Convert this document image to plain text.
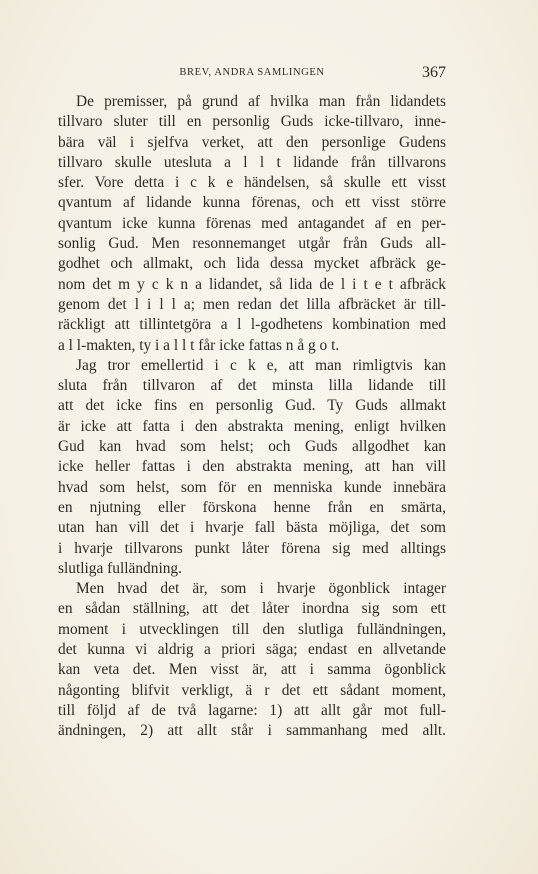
BREV, ANDRA SAMLINGEN	367
De premisser, på grund af hvilka man från lidandets
tillvaro sluter till en personlig Guds icke-tillvaro, inne-
bära väl i sjelfva verket, att den personlige Gudens
tillvaro skulle utesluta a l l t lidande från tillvarons
sfer. Vore detta i c k e händelsen, så skulle ett visst
qvantum af lidande kunna förenas, och ett visst större
qvantum icke kunna förenas med antagandet af en per-
sonlig Gud. Men resonnemanget utgår från Guds all-
godhet och allmakt, och lida dessa mycket afbräck ge-
nom det m y c k n a lidandet, så lida de l i t e t afbräck
genom det l i l l a; men redan det lilla afbräcket är till-
räckligt att tillintetgöra a l l-godhetens kombination med
a l l-makten, ty i a l l t får icke fattas n å g o t.
Jag tror emellertid i c k e, att man rimligtvis kan
sluta från tillvaron af det minsta lilla lidande till
att det icke fins en personlig Gud. Ty Guds allmakt
är icke att fatta i den abstrakta mening, enligt hvilken
Gud kan hvad som helst; och Guds allgodhet kan
icke heller fattas i den abstrakta mening, att han vill
hvad som helst, som för en menniska kunde innebära
en njutning eller förskona henne från en smärta,
utan han vill det i hvarje fall bästa möjliga, det som
i hvarje tillvarons punkt låter förena sig med alltings
slutliga fulländning.
Men hvad det är, som i hvarje ögonblick intager
en sådan ställning, att det låter inordna sig som ett
moment i utvecklingen till den slutliga fulländningen,
det kunna vi aldrig a priori säga; endast en allvetande
kan veta det. Men visst är, att i samma ögonblick
någonting blifvit verkligt, ä r det ett sådant moment,
till följd af de två lagarne: 1) att allt går mot full-
ändningen, 2) att allt står i sammanhang med allt.
